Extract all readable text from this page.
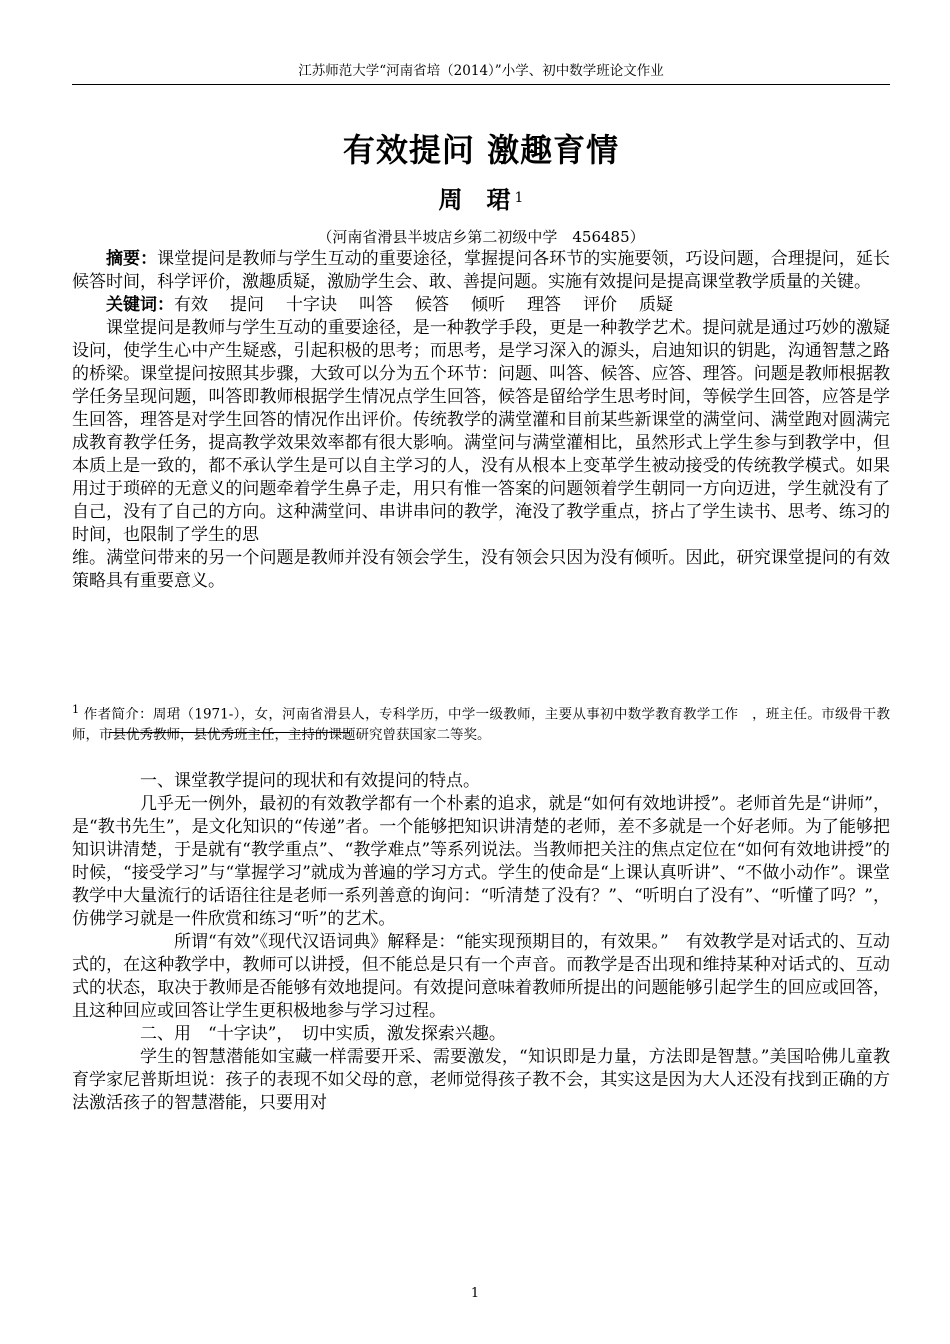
江苏师范大学“河南省培（2014）”小学、初中数学班论文作业
有效提问 激趣育情
周　珺 $^1$
（河南省滑县半坡店乡第二初级中学　456485）

摘要：课堂提问是教师与学生互动的重要途径，掌握提问各环节的实施要领，巧设问题，合理提问，延长候答时间，科学评价，激趣质疑，激励学生会、敢、善提问题。实施有效提问是提高课堂教学质量的关键。

关键词：有效 提问 十字诀 叫答 候答 倾听 理答 评价 质疑

课堂提问是教师与学生互动的重要途径，是一种教学手段，更是一种教学艺术。提问就是通过巧妙的激疑设问，使学生心中产生疑惑，引起积极的思考；而思考，是学习深入的源头，启迪知识的钥匙，沟通智慧之路的桥梁。课堂提问按照其步骤，大致可以分为五个环节：问题、叫答、候答、应答、理答。问题是教师根据教学任务呈现问题，叫答即教师根据学生情况点学生回答，候答是留给学生思考时间，等候学生回答，应答是学生回答，理答是对学生回答的情况作出评价。传统教学的满堂灌和目前某些新课堂的满堂问、满堂跑对圆满完成教育教学任务，提高教学效果效率都有很大影响。满堂问与满堂灌相比，虽然形式上学生参与到教学中，但本质上是一致的，都不承认学生是可以自主学习的人，没有从根本上变革学生被动接受的传统教学模式。如果用过于琐碎的无意义的问题牵着学生鼻子走，用只有惟一答案的问题领着学生朝同一方向迈进，学生就没有了自己，没有了自己的方向。这种满堂问、串讲串问的教学，淹没了教学重点，挤占了学生读书、思考、练习的时间，也限制了学生的思

维。满堂问带来的另一个问题是教师并没有领会学生，没有领会只因为没有倾听。因此，研究课堂提问的有效策略具有重要意义。

$^1$ 作者简介：周珺（1971-），女，河南省滑县人，专科学历，中学一级教师，主要从事初中数学教育教学工作　，班主任。市级骨干教师，市县优秀教师，县优秀班主任，主持的课题研究曾获国家二等奖。

一、课堂教学提问的现状和有效提问的特点。

几乎无一例外，最初的有效教学都有一个朴素的追求，就是“如何有效地讲授”。老师首先是“讲师”，是“教书先生”，是文化知识的“传递”者。一个能够把知识讲清楚的老师，差不多就是一个好老师。为了能够把知识讲清楚，于是就有“教学重点”、“教学难点”等系列说法。当教师把关注的焦点定位在“如何有效地讲授”的时候，“接受学习”与“掌握学习”就成为普遍的学习方式。学生的使命是“上课认真听讲”、“不做小动作”。课堂教学中大量流行的话语往往是老师一系列善意的询问：“听清楚了没有？”、“听明白了没有”、“听懂了吗？”，仿佛学习就是一件欣赏和练习“听”的艺术。

所谓“有效”《现代汉语词典》解释是：“能实现预期目的，有效果。”　有效教学是对话式的、互动式的，在这种教学中，教师可以讲授，但不能总是只有一个声音。而教学是否出现和维持某种对话式的、互动式的状态，取决于教师是否能够有效地提问。有效提问意味着教师所提出的问题能够引起学生的回应或回答，且这种回应或回答让学生更积极地参与学习过程。

二、用　“十字诀”，　切中实质，激发探索兴趣。

学生的智慧潜能如宝藏一样需要开采、需要激发，“知识即是力量，方法即是智慧。”美国哈佛儿童教育学家尼普斯坦说：孩子的表现不如父母的意，老师觉得孩子教不会，其实这是因为大人还没有找到正确的方法激活孩子的智慧潜能，只要用对

1
